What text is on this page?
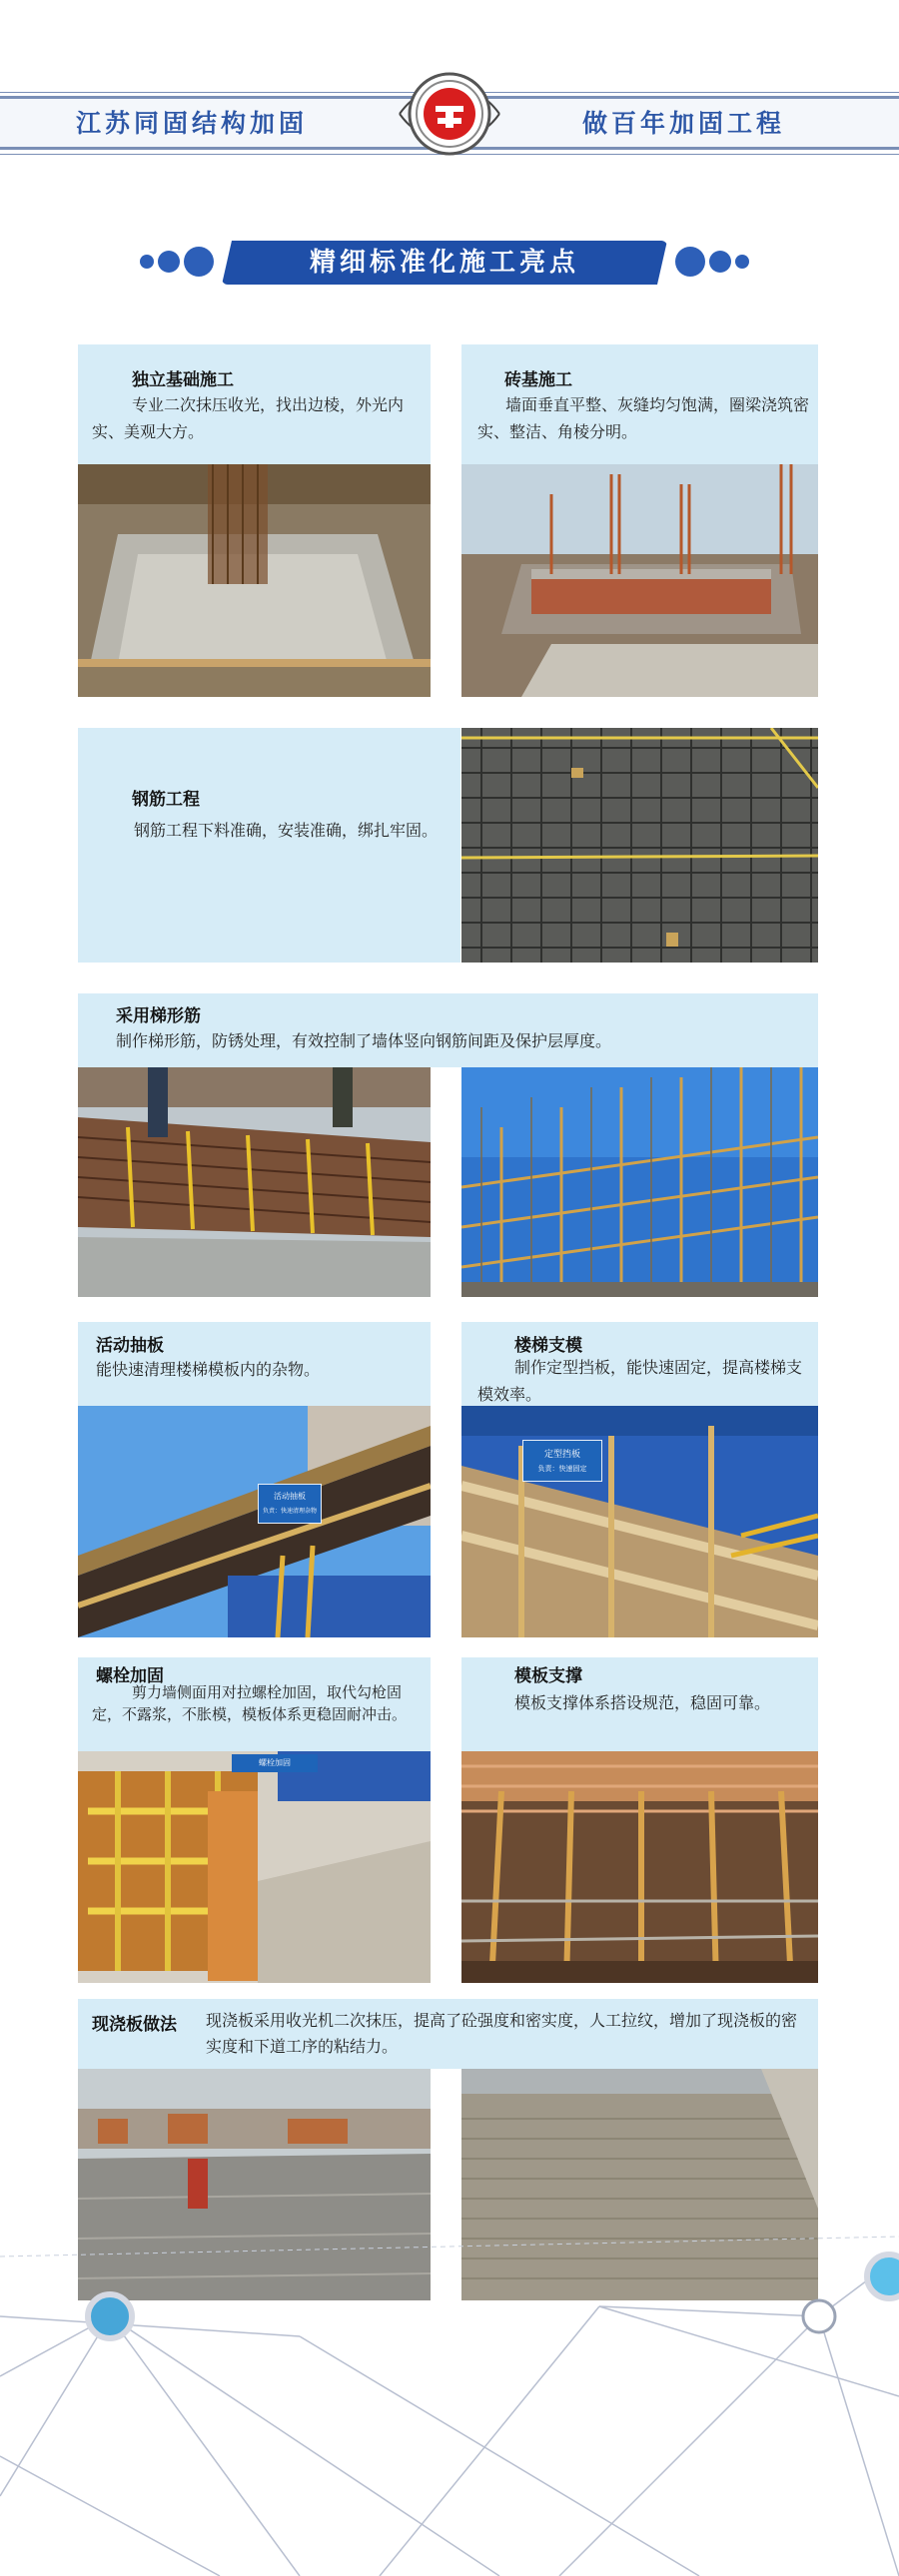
江苏同固结构加固	做百年加固工程
精细标准化施工亮点
独立基础施工
专业二次抹压收光，找出边棱，外光内实、美观大方。
砖基施工
墙面垂直平整、灰缝均匀饱满，圈梁浇筑密实、整洁、角棱分明。
钢筋工程
钢筋工程下料准确，安装准确，绑扎牢固。
采用梯形筋
制作梯形筋，防锈处理，有效控制了墙体竖向钢筋间距及保护层厚度。
活动抽板
能快速清理楼梯模板内的杂物。
活动抽板
负责：快速清理杂物
楼梯支模
制作定型挡板，能快速固定，提高楼梯支模效率。
定型挡板
负责：快速固定
螺栓加固
剪力墙侧面用对拉螺栓加固，取代勾枪固定，不露浆，不胀模，模板体系更稳固耐冲击。
螺栓加固
模板支撑
模板支撑体系搭设规范，稳固可靠。
现浇板做法 现浇板采用收光机二次抹压，提高了砼强度和密实度，人工拉纹，增加了现浇板的密实度和下道工序的粘结力。
